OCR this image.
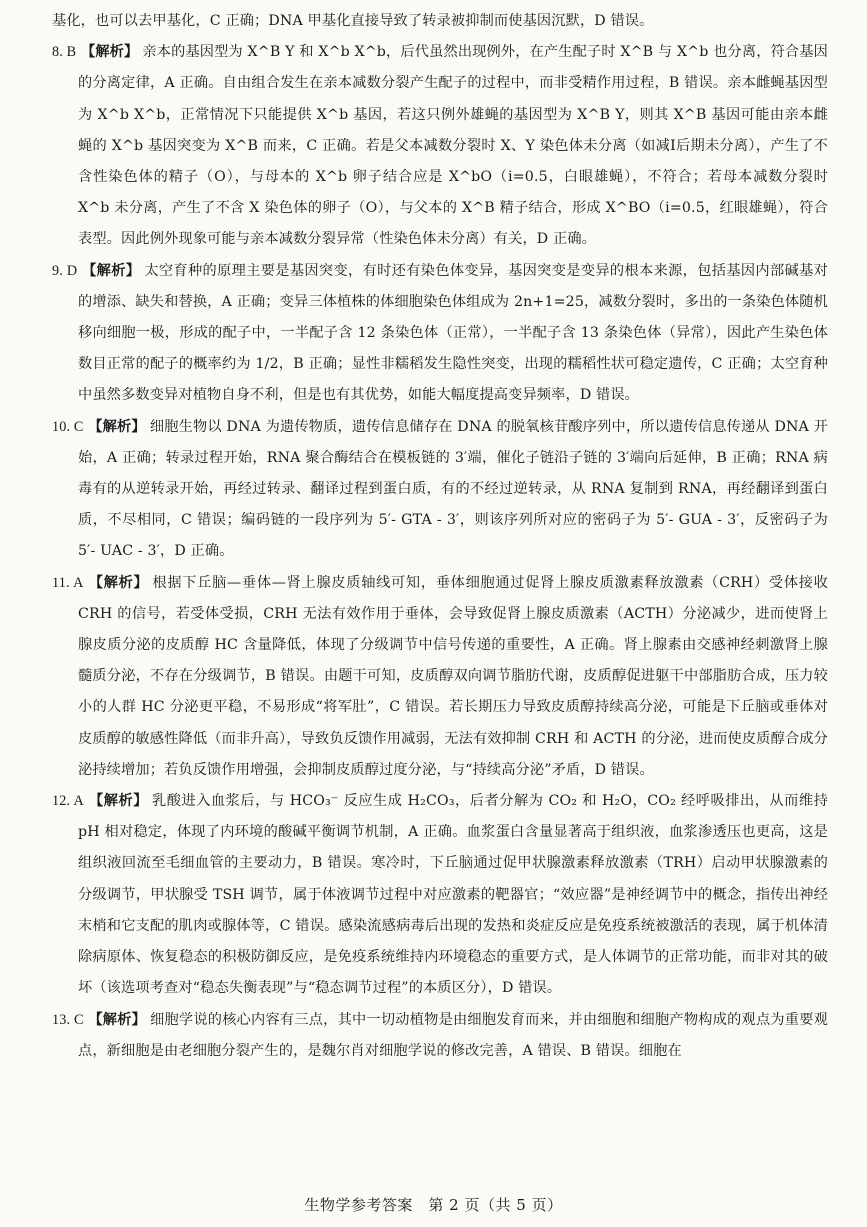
基化，也可以去甲基化，C 正确；DNA 甲基化直接导致了转录被抑制而使基因沉默，D 错误。

8. B 【解析】 亲本的基因型为 X^B Y 和 X^b X^b，后代虽然出现例外，在产生配子时 X^B 与 X^b 也分离，符合基因的分离定律，A 正确。自由组合发生在亲本减数分裂产生配子的过程中，而非受精作用过程，B 错误。亲本雌蝇基因型为 X^b X^b，正常情况下只能提供 X^b 基因，若这只例外雄蝇的基因型为 X^B Y，则其 X^B 基因可能由亲本雌蝇的 X^b 基因突变为 X^B 而来，C 正确。若是父本减数分裂时 X、Y 染色体未分离（如减Ⅰ后期未分离），产生了不含性染色体的精子（O），与母本的 X^b 卵子结合应是 X^bO（i=0.5，白眼雄蝇），不符合；若母本减数分裂时 X^b 未分离，产生了不含 X 染色体的卵子（O），与父本的 X^B 精子结合，形成 X^BO（i=0.5，红眼雄蝇），符合表型。因此例外现象可能与亲本减数分裂异常（性染色体未分离）有关，D 正确。

9. D 【解析】 太空育种的原理主要是基因突变，有时还有染色体变异，基因突变是变异的根本来源，包括基因内部碱基对的增添、缺失和替换，A 正确；变异三体植株的体细胞染色体组成为 2n+1=25，减数分裂时，多出的一条染色体随机移向细胞一极，形成的配子中，一半配子含 12 条染色体（正常），一半配子含 13 条染色体（异常），因此产生染色体数目正常的配子的概率约为 1/2，B 正确；显性非糯稻发生隐性突变，出现的糯稻性状可稳定遗传，C 正确；太空育种中虽然多数变异对植物自身不利，但是也有其优势，如能大幅度提高变异频率，D 错误。

10. C 【解析】 细胞生物以 DNA 为遗传物质，遗传信息储存在 DNA 的脱氧核苷酸序列中，所以遗传信息传递从 DNA 开始，A 正确；转录过程开始，RNA 聚合酶结合在模板链的 3′端，催化子链沿子链的 3′端向后延伸，B 正确；RNA 病毒有的从逆转录开始，再经过转录、翻译过程到蛋白质，有的不经过逆转录，从 RNA 复制到 RNA，再经翻译到蛋白质，不尽相同，C 错误；编码链的一段序列为 5′- GTA - 3′，则该序列所对应的密码子为 5′- GUA - 3′，反密码子为 5′- UAC - 3′，D 正确。

11. A 【解析】 根据下丘脑—垂体—肾上腺皮质轴线可知，垂体细胞通过促肾上腺皮质激素释放激素（CRH）受体接收 CRH 的信号，若受体受损，CRH 无法有效作用于垂体，会导致促肾上腺皮质激素（ACTH）分泌减少，进而使肾上腺皮质分泌的皮质醇 HC 含量降低，体现了分级调节中信号传递的重要性，A 正确。肾上腺素由交感神经刺激肾上腺髓质分泌，不存在分级调节，B 错误。由题干可知，皮质醇双向调节脂肪代谢，皮质醇促进躯干中部脂肪合成，压力较小的人群 HC 分泌更平稳，不易形成“将军肚”，C 错误。若长期压力导致皮质醇持续高分泌，可能是下丘脑或垂体对皮质醇的敏感性降低（而非升高），导致负反馈作用减弱，无法有效抑制 CRH 和 ACTH 的分泌，进而使皮质醇合成分泌持续增加；若负反馈作用增强，会抑制皮质醇过度分泌，与“持续高分泌”矛盾，D 错误。

12. A 【解析】 乳酸进入血浆后，与 HCO₃⁻ 反应生成 H₂CO₃，后者分解为 CO₂ 和 H₂O，CO₂ 经呼吸排出，从而维持 pH 相对稳定，体现了内环境的酸碱平衡调节机制，A 正确。血浆蛋白含量显著高于组织液，血浆渗透压也更高，这是组织液回流至毛细血管的主要动力，B 错误。寒冷时，下丘脑通过促甲状腺激素释放激素（TRH）启动甲状腺激素的分级调节，甲状腺受 TSH 调节，属于体液调节过程中对应激素的靶器官；“效应器”是神经调节中的概念，指传出神经末梢和它支配的肌肉或腺体等，C 错误。感染流感病毒后出现的发热和炎症反应是免疫系统被激活的表现，属于机体清除病原体、恢复稳态的积极防御反应，是免疫系统维持内环境稳态的重要方式，是人体调节的正常功能，而非对其的破坏（该选项考查对“稳态失衡表现”与“稳态调节过程”的本质区分），D 错误。

13. C 【解析】 细胞学说的核心内容有三点，其中一切动植物是由细胞发育而来，并由细胞和细胞产物构成的观点为重要观点，新细胞是由老细胞分裂产生的，是魏尔肖对细胞学说的修改完善，A 错误、B 错误。细胞在

生物学参考答案　第 2 页（共 5 页）
